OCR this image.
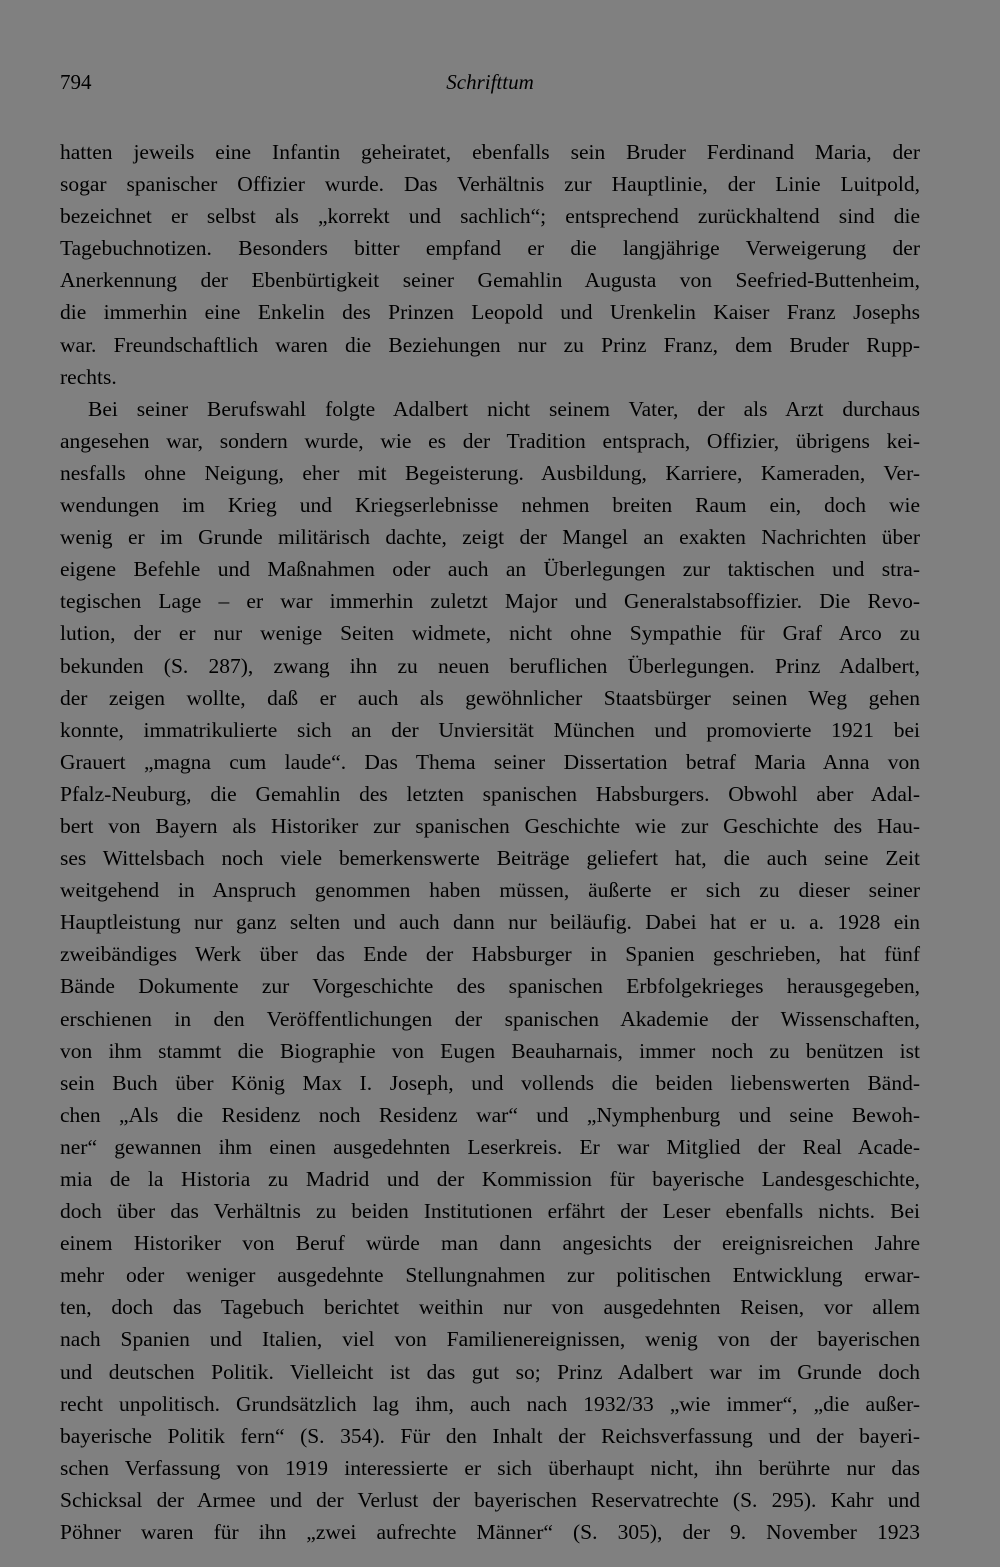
794	Schrifttum
hatten jeweils eine Infantin geheiratet, ebenfalls sein Bruder Ferdinand Maria, der
sogar spanischer Offizier wurde. Das Verhältnis zur Hauptlinie, der Linie Luitpold,
bezeichnet er selbst als „korrekt und sachlich“; entsprechend zurückhaltend sind die
Tagebuchnotizen. Besonders bitter empfand er die langjährige Verweigerung der
Anerkennung der Ebenbürtigkeit seiner Gemahlin Augusta von Seefried-Buttenheim,
die immerhin eine Enkelin des Prinzen Leopold und Urenkelin Kaiser Franz Josephs
war. Freundschaftlich waren die Beziehungen nur zu Prinz Franz, dem Bruder Rupp-
rechts.
Bei seiner Berufswahl folgte Adalbert nicht seinem Vater, der als Arzt durchaus
angesehen war, sondern wurde, wie es der Tradition entsprach, Offizier, übrigens kei-
nesfalls ohne Neigung, eher mit Begeisterung. Ausbildung, Karriere, Kameraden, Ver-
wendungen im Krieg und Kriegserlebnisse nehmen breiten Raum ein, doch wie
wenig er im Grunde militärisch dachte, zeigt der Mangel an exakten Nachrichten über
eigene Befehle und Maßnahmen oder auch an Überlegungen zur taktischen und stra-
tegischen Lage – er war immerhin zuletzt Major und Generalstabsoffizier. Die Revo-
lution, der er nur wenige Seiten widmete, nicht ohne Sympathie für Graf Arco zu
bekunden (S. 287), zwang ihn zu neuen beruflichen Überlegungen. Prinz Adalbert,
der zeigen wollte, daß er auch als gewöhnlicher Staatsbürger seinen Weg gehen
konnte, immatrikulierte sich an der Unviersität München und promovierte 1921 bei
Grauert „magna cum laude“. Das Thema seiner Dissertation betraf Maria Anna von
Pfalz-Neuburg, die Gemahlin des letzten spanischen Habsburgers. Obwohl aber Adal-
bert von Bayern als Historiker zur spanischen Geschichte wie zur Geschichte des Hau-
ses Wittelsbach noch viele bemerkenswerte Beiträge geliefert hat, die auch seine Zeit
weitgehend in Anspruch genommen haben müssen, äußerte er sich zu dieser seiner
Hauptleistung nur ganz selten und auch dann nur beiläufig. Dabei hat er u. a. 1928 ein
zweibändiges Werk über das Ende der Habsburger in Spanien geschrieben, hat fünf
Bände Dokumente zur Vorgeschichte des spanischen Erbfolgekrieges herausgegeben,
erschienen in den Veröffentlichungen der spanischen Akademie der Wissenschaften,
von ihm stammt die Biographie von Eugen Beauharnais, immer noch zu benützen ist
sein Buch über König Max I. Joseph, und vollends die beiden liebenswerten Bänd-
chen „Als die Residenz noch Residenz war“ und „Nymphenburg und seine Bewoh-
ner“ gewannen ihm einen ausgedehnten Leserkreis. Er war Mitglied der Real Acade-
mia de la Historia zu Madrid und der Kommission für bayerische Landesgeschichte,
doch über das Verhältnis zu beiden Institutionen erfährt der Leser ebenfalls nichts. Bei
einem Historiker von Beruf würde man dann angesichts der ereignisreichen Jahre
mehr oder weniger ausgedehnte Stellungnahmen zur politischen Entwicklung erwar-
ten, doch das Tagebuch berichtet weithin nur von ausgedehnten Reisen, vor allem
nach Spanien und Italien, viel von Familienereignissen, wenig von der bayerischen
und deutschen Politik. Vielleicht ist das gut so; Prinz Adalbert war im Grunde doch
recht unpolitisch. Grundsätzlich lag ihm, auch nach 1932/33 „wie immer“, „die außer-
bayerische Politik fern“ (S. 354). Für den Inhalt der Reichsverfassung und der bayeri-
schen Verfassung von 1919 interessierte er sich überhaupt nicht, ihn berührte nur das
Schicksal der Armee und der Verlust der bayerischen Reservatrechte (S. 295). Kahr und
Pöhner waren für ihn „zwei aufrechte Männer“ (S. 305), der 9. November 1923
